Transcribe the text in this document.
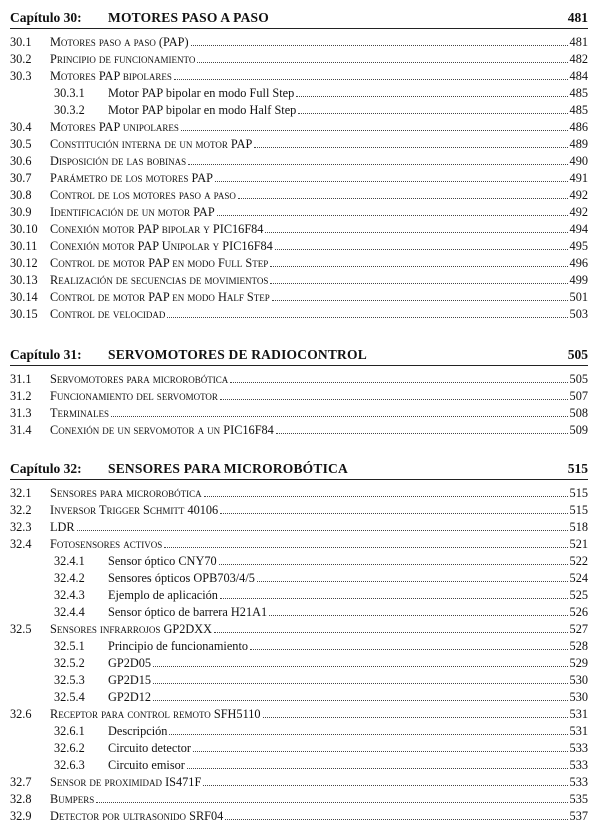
Capítulo 30:	MOTORES PASO A PASO	481
30.1	Motores paso a paso (PAP)	481
30.2	Principio de funcionamiento	482
30.3	Motores PAP bipolares	484
30.3.1	Motor PAP bipolar en modo Full Step	485
30.3.2	Motor PAP bipolar en modo Half Step	485
30.4	Motores PAP unipolares	486
30.5	Constitución interna de un motor PAP	489
30.6	Disposición de las bobinas	490
30.7	Parámetro de los motores PAP	491
30.8	Control de los motores paso a paso	492
30.9	Identificación de un motor PAP	492
30.10	Conexión motor PAP bipolar y PIC16F84	494
30.11	Conexión motor PAP Unipolar y PIC16F84	495
30.12	Control de motor PAP en modo Full Step	496
30.13	Realización de secuencias de movimientos	499
30.14	Control de motor PAP en modo Half Step	501
30.15	Control de velocidad	503
Capítulo 31:	SERVOMOTORES DE RADIOCONTROL	505
31.1	Servomotores para microrobótica	505
31.2	Funcionamiento del servomotor	507
31.3	Terminales	508
31.4	Conexión de un servomotor a un PIC16F84	509
Capítulo 32:	SENSORES PARA MICROROBÓTICA	515
32.1	Sensores para microrobótica	515
32.2	Inversor Trigger Schmitt 40106	515
32.3	LDR	518
32.4	Fotosensores activos	521
32.4.1	Sensor óptico CNY70	522
32.4.2	Sensores ópticos OPB703/4/5	524
32.4.3	Ejemplo de aplicación	525
32.4.4	Sensor óptico de barrera H21A1	526
32.5	Sensores infrarrojos GP2DXX	527
32.5.1	Principio de funcionamiento	528
32.5.2	GP2D05	529
32.5.3	GP2D15	530
32.5.4	GP2D12	530
32.6	Receptor para control remoto SFH5110	531
32.6.1	Descripción	531
32.6.2	Circuito detector	533
32.6.3	Circuito emisor	533
32.7	Sensor de proximidad IS471F	533
32.8	Bumpers	535
32.9	Detector por ultrasonido SRF04	537
